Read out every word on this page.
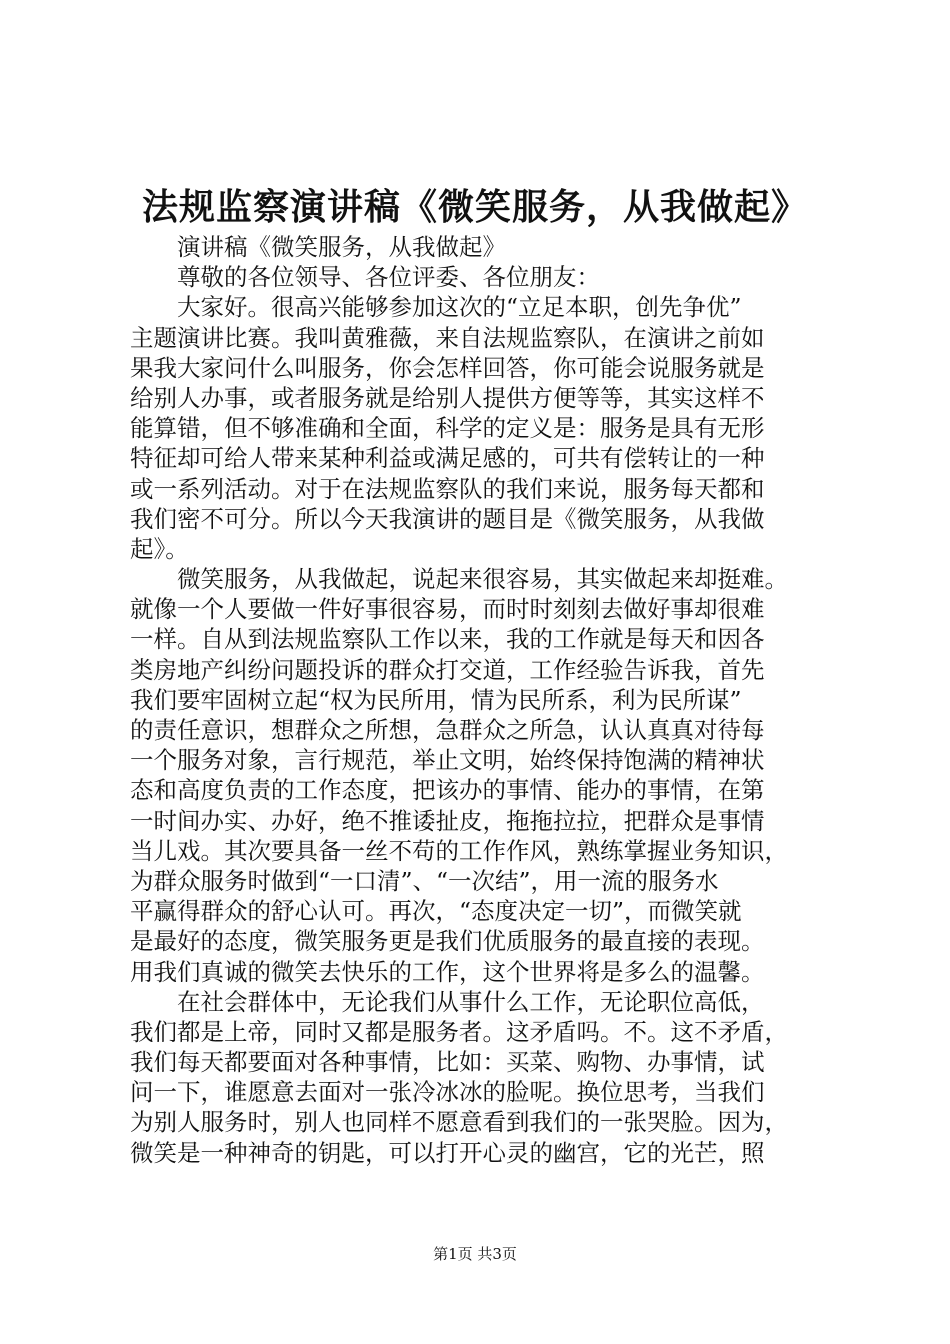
法规监察演讲稿《微笑服务，从我做起》
演讲稿《微笑服务，从我做起》
尊敬的各位领导、各位评委、各位朋友：
大家好。很高兴能够参加这次的“立足本职，创先争优”
主题演讲比赛。我叫黄雅薇，来自法规监察队，在演讲之前如
果我大家问什么叫服务，你会怎样回答，你可能会说服务就是
给别人办事，或者服务就是给别人提供方便等等，其实这样不
能算错，但不够准确和全面，科学的定义是：服务是具有无形
特征却可给人带来某种利益或满足感的，可共有偿转让的一种
或一系列活动。对于在法规监察队的我们来说，服务每天都和
我们密不可分。所以今天我演讲的题目是《微笑服务，从我做
起》。
微笑服务，从我做起，说起来很容易，其实做起来却挺难。
就像一个人要做一件好事很容易，而时时刻刻去做好事却很难
一样。自从到法规监察队工作以来，我的工作就是每天和因各
类房地产纠纷问题投诉的群众打交道，工作经验告诉我，首先
我们要牢固树立起“权为民所用，情为民所系，利为民所谋”
的责任意识，想群众之所想，急群众之所急，认认真真对待每
一个服务对象，言行规范，举止文明，始终保持饱满的精神状
态和高度负责的工作态度，把该办的事情、能办的事情，在第
一时间办实、办好，绝不推诿扯皮，拖拖拉拉，把群众是事情
当儿戏。其次要具备一丝不苟的工作作风，熟练掌握业务知识，
为群众服务时做到“一口清”、“一次结”，用一流的服务水
平赢得群众的舒心认可。再次，“态度决定一切”，而微笑就
是最好的态度，微笑服务更是我们优质服务的最直接的表现。
用我们真诚的微笑去快乐的工作，这个世界将是多么的温馨。
在社会群体中，无论我们从事什么工作，无论职位高低，
我们都是上帝，同时又都是服务者。这矛盾吗。不。这不矛盾，
我们每天都要面对各种事情，比如：买菜、购物、办事情，试
问一下，谁愿意去面对一张冷冰冰的脸呢。换位思考，当我们
为别人服务时，别人也同样不愿意看到我们的一张哭脸。因为，
微笑是一种神奇的钥匙，可以打开心灵的幽宫，它的光芒，照
第1页 共3页
